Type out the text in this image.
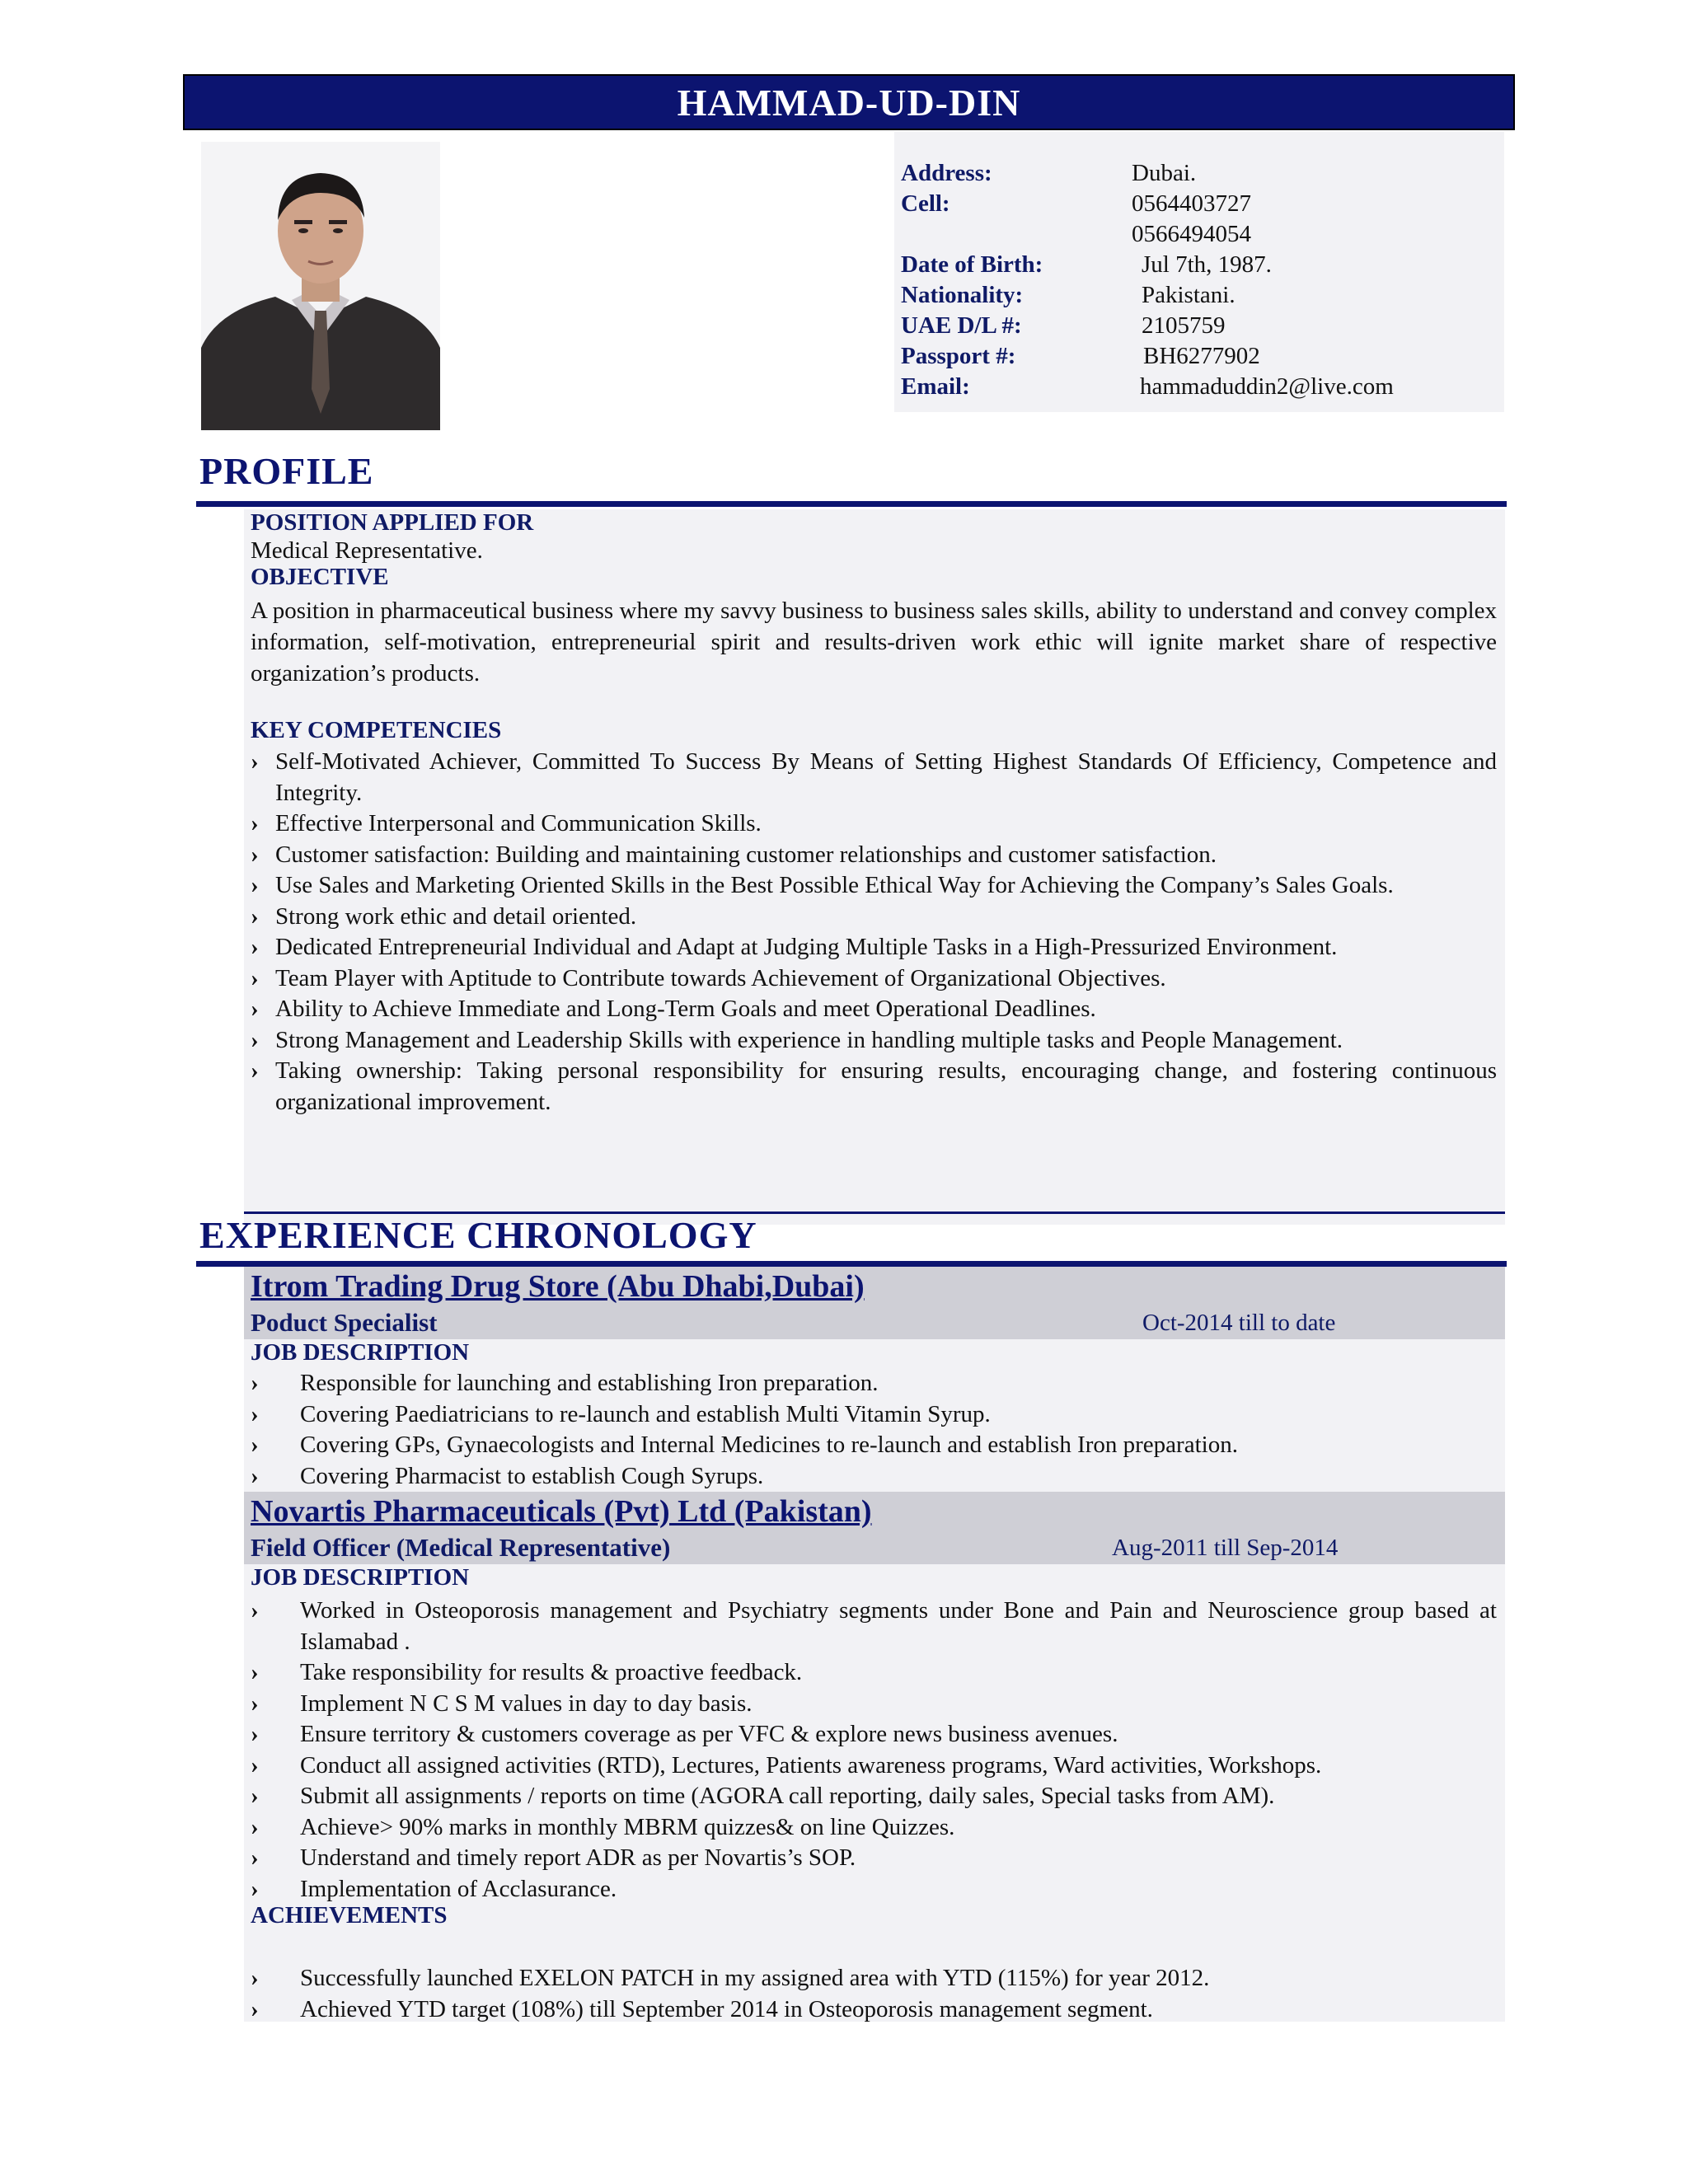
HAMMAD-UD-DIN
Address:	Dubai.
Cell:	0564403727
0566494054
Date of Birth:	Jul 7th, 1987.
Nationality:	Pakistani.
UAE D/L #:	2105759
Passport #:	BH6277902
Email:	hammaduddin2@live.com
PROFILE
POSITION APPLIED FOR
Medical Representative.
OBJECTIVE
A position in pharmaceutical business where my savvy business to business sales skills, ability to understand and convey complex information, self-motivation, entrepreneurial spirit and results-driven work ethic will ignite market share of respective organization’s products.
KEY COMPETENCIES
› Self-Motivated Achiever, Committed To Success By Means of Setting Highest Standards Of Efficiency, Competence and Integrity.
› Effective Interpersonal and Communication Skills.
› Customer satisfaction: Building and maintaining customer relationships and customer satisfaction.
› Use Sales and Marketing Oriented Skills in the Best Possible Ethical Way for Achieving the Company’s Sales Goals.
› Strong work ethic and detail oriented.
› Dedicated Entrepreneurial Individual and Adapt at Judging Multiple Tasks in a High-Pressurized Environment.
› Team Player with Aptitude to Contribute towards Achievement of Organizational Objectives.
› Ability to Achieve Immediate and Long-Term Goals and meet Operational Deadlines.
› Strong Management and Leadership Skills with experience in handling multiple tasks and People Management.
› Taking ownership: Taking personal responsibility for ensuring results, encouraging change, and fostering continuous organizational improvement.
EXPERIENCE CHRONOLOGY
Itrom Trading Drug Store (Abu Dhabi,Dubai)
Poduct Specialist	Oct-2014 till to date
JOB DESCRIPTION
› Responsible for launching and establishing Iron preparation.
› Covering Paediatricians to re-launch and establish Multi Vitamin Syrup.
› Covering GPs, Gynaecologists and Internal Medicines to re-launch and establish Iron preparation.
› Covering Pharmacist to establish Cough Syrups.
Novartis Pharmaceuticals (Pvt) Ltd (Pakistan)
Field Officer (Medical Representative)	Aug-2011 till Sep-2014
JOB DESCRIPTION
› Worked in Osteoporosis management and Psychiatry segments under Bone and Pain and Neuroscience group based at Islamabad .
› Take responsibility for results & proactive feedback.
› Implement N C S M values in day to day basis.
› Ensure territory & customers coverage as per VFC & explore news business avenues.
› Conduct all assigned activities (RTD), Lectures, Patients awareness programs, Ward activities, Workshops.
› Submit all assignments / reports on time (AGORA call reporting, daily sales, Special tasks from AM).
› Achieve> 90% marks in monthly MBRM quizzes& on line Quizzes.
› Understand and timely report ADR as per Novartis’s SOP.
› Implementation of Acclasurance.
ACHIEVEMENTS
› Successfully launched EXELON PATCH in my assigned area with YTD (115%) for year 2012.
› Achieved YTD target (108%) till September 2014 in Osteoporosis management segment.
